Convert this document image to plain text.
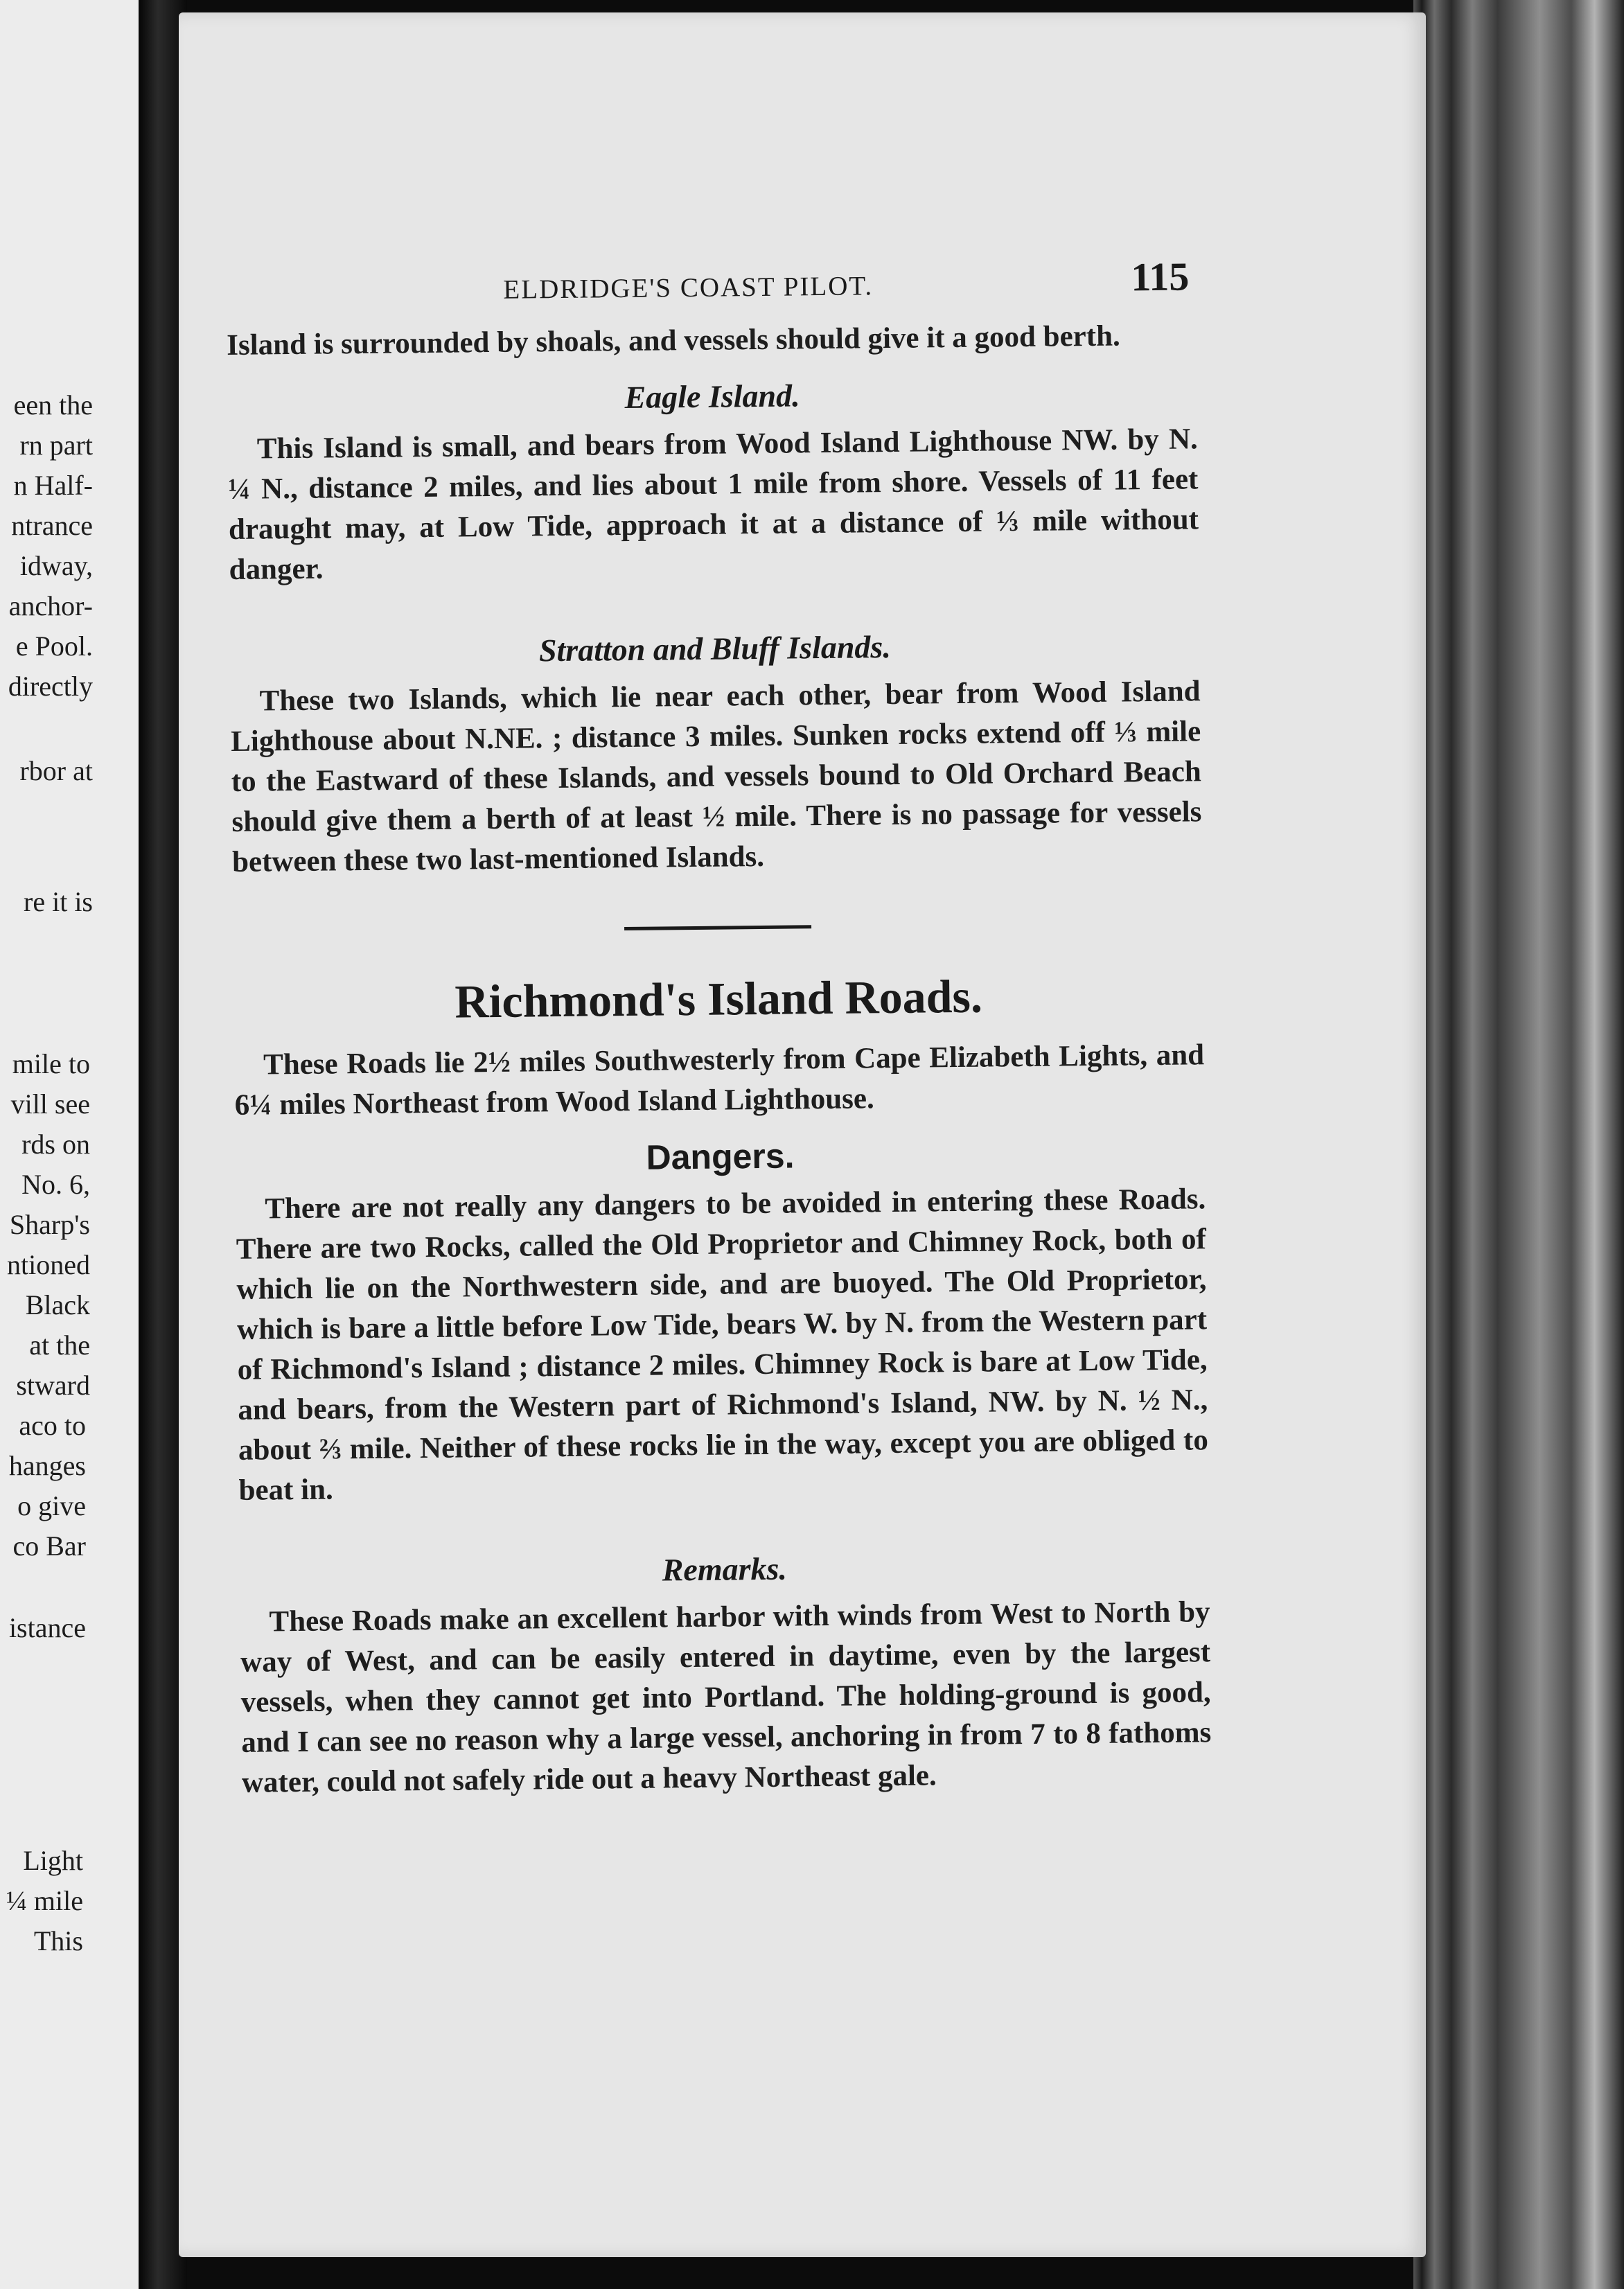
een the
rn part
n Half-
ntrance
idway,
anchor-
e Pool.
directly
rbor at
re it is
mile to
vill see
rds on
No. 6,
Sharp's
ntioned
Black
at the
stward
aco to
hanges
o give
co Bar
istance
Light
¼ mile
This
ELDRIDGE'S COAST PILOT.	115

Island is surrounded by shoals, and vessels should give it a good berth.

Eagle Island.

This Island is small, and bears from Wood Island Lighthouse NW. by N. ¼ N., distance 2 miles, and lies about 1 mile from shore. Vessels of 11 feet draught may, at Low Tide, approach it at a distance of ⅓ mile without danger.

Stratton and Bluff Islands.

These two Islands, which lie near each other, bear from Wood Island Lighthouse about N.NE. ; distance 3 miles. Sunken rocks extend off ⅓ mile to the Eastward of these Islands, and vessels bound to Old Orchard Beach should give them a berth of at least ½ mile. There is no passage for vessels between these two last-mentioned Islands.

Richmond's Island Roads.

These Roads lie 2½ miles Southwesterly from Cape Elizabeth Lights, and 6¼ miles Northeast from Wood Island Lighthouse.

Dangers.

There are not really any dangers to be avoided in entering these Roads. There are two Rocks, called the Old Proprietor and Chimney Rock, both of which lie on the Northwestern side, and are buoyed. The Old Proprietor, which is bare a little before Low Tide, bears W. by N. from the Western part of Richmond's Island ; distance 2 miles. Chimney Rock is bare at Low Tide, and bears, from the Western part of Richmond's Island, NW. by N. ½ N., about ⅔ mile. Neither of these rocks lie in the way, except you are obliged to beat in.

Remarks.

These Roads make an excellent harbor with winds from West to North by way of West, and can be easily entered in daytime, even by the largest vessels, when they cannot get into Portland. The holding-ground is good, and I can see no reason why a large vessel, anchoring in from 7 to 8 fathoms water, could not safely ride out a heavy Northeast gale.
